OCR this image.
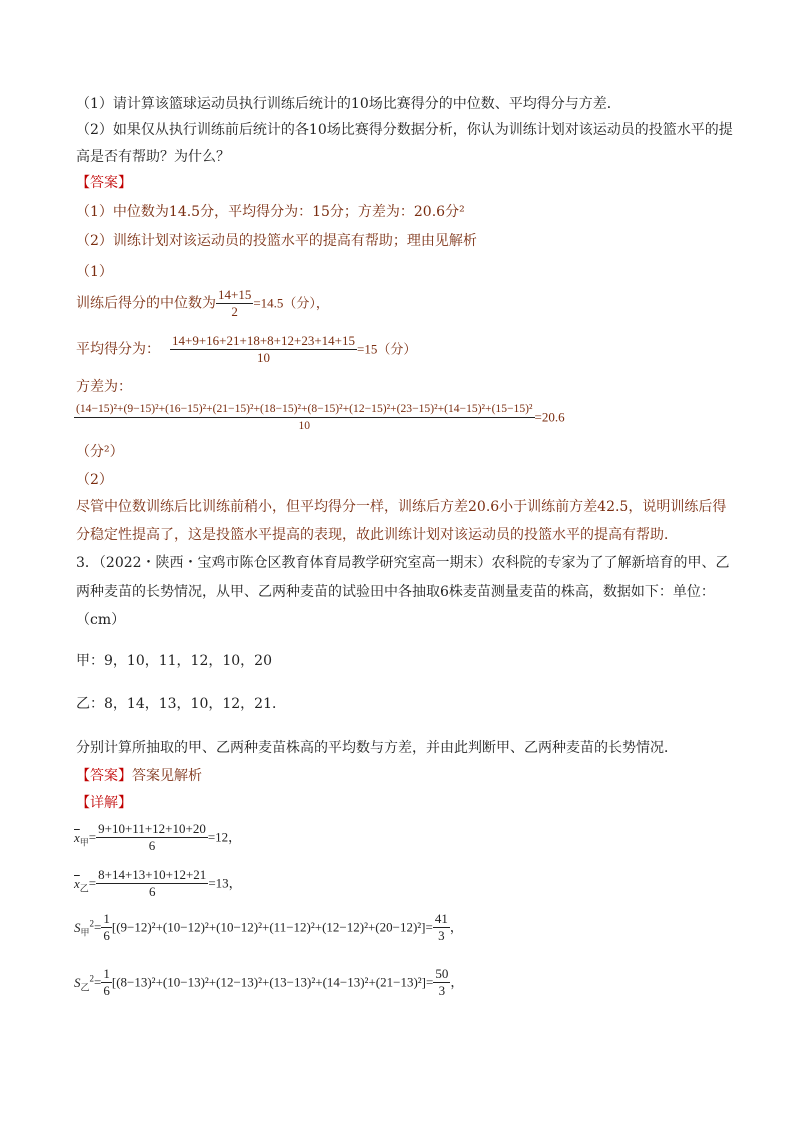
（1）请计算该篮球运动员执行训练后统计的10场比赛得分的中位数、平均得分与方差．
（2）如果仅从执行训练前后统计的各10场比赛得分数据分析，你认为训练计划对该运动员的投篮水平的提
高是否有帮助？为什么？
【答案】
（1）中位数为14.5分，平均得分为：15分；方差为：20.6分²
（2）训练计划对该运动员的投篮水平的提高有帮助；理由见解析
（1）
训练后得分的中位数为 $\frac{14+15}{2} =14.5$（分），
平均得分为： $\frac{14+9+16+21+18+8+12+23+14+15}{10} =15$（分）
方差为：
(14−15)²+(9−15)²+(16−15)²+(21−15)²+(18−15)²+(8−15)²+(12−15)²+(23−15)²+(14−15)²+(15−15)²
10
=20.6
（分²）
（2）
尽管中位数训练后比训练前稍小，但平均得分一样，训练后方差20.6小于训练前方差42.5，说明训练后得
分稳定性提高了，这是投篮水平提高的表现，故此训练计划对该运动员的投篮水平的提高有帮助．
3．（2022・陕西・宝鸡市陈仓区教育体育局教学研究室高一期末）农科院的专家为了了解新培育的甲、乙
两种麦苗的长势情况，从甲、乙两种麦苗的试验田中各抽取6株麦苗测量麦苗的株高，数据如下：单位：
（cm）
甲：9，10，11，12，10，20
乙：8，14，13，10，12，21．
分别计算所抽取的甲、乙两种麦苗株高的平均数与方差，并由此判断甲、乙两种麦苗的长势情况．
【答案】答案见解析
【详解】
$\overline{x}_甲= \frac{9+10+11+12+10+20}{6} =12$，
$\overline{x}_乙= \frac{8+14+13+10+12+21}{6} =13$，
$S_甲^2= \frac{1}{6} [(9-12)^2+(10-12)^2+(10-12)^2+(11-12)^2+(12-12)^2+(20-12)^2]= \frac{41}{3}$ ，
$S_乙^2= \frac{1}{6} [(8-13)^2+(10-13)^2+(12-13)^2+(13-13)^2+(14-13)^2+(21-13)^2]= \frac{50}{3}$ ，
